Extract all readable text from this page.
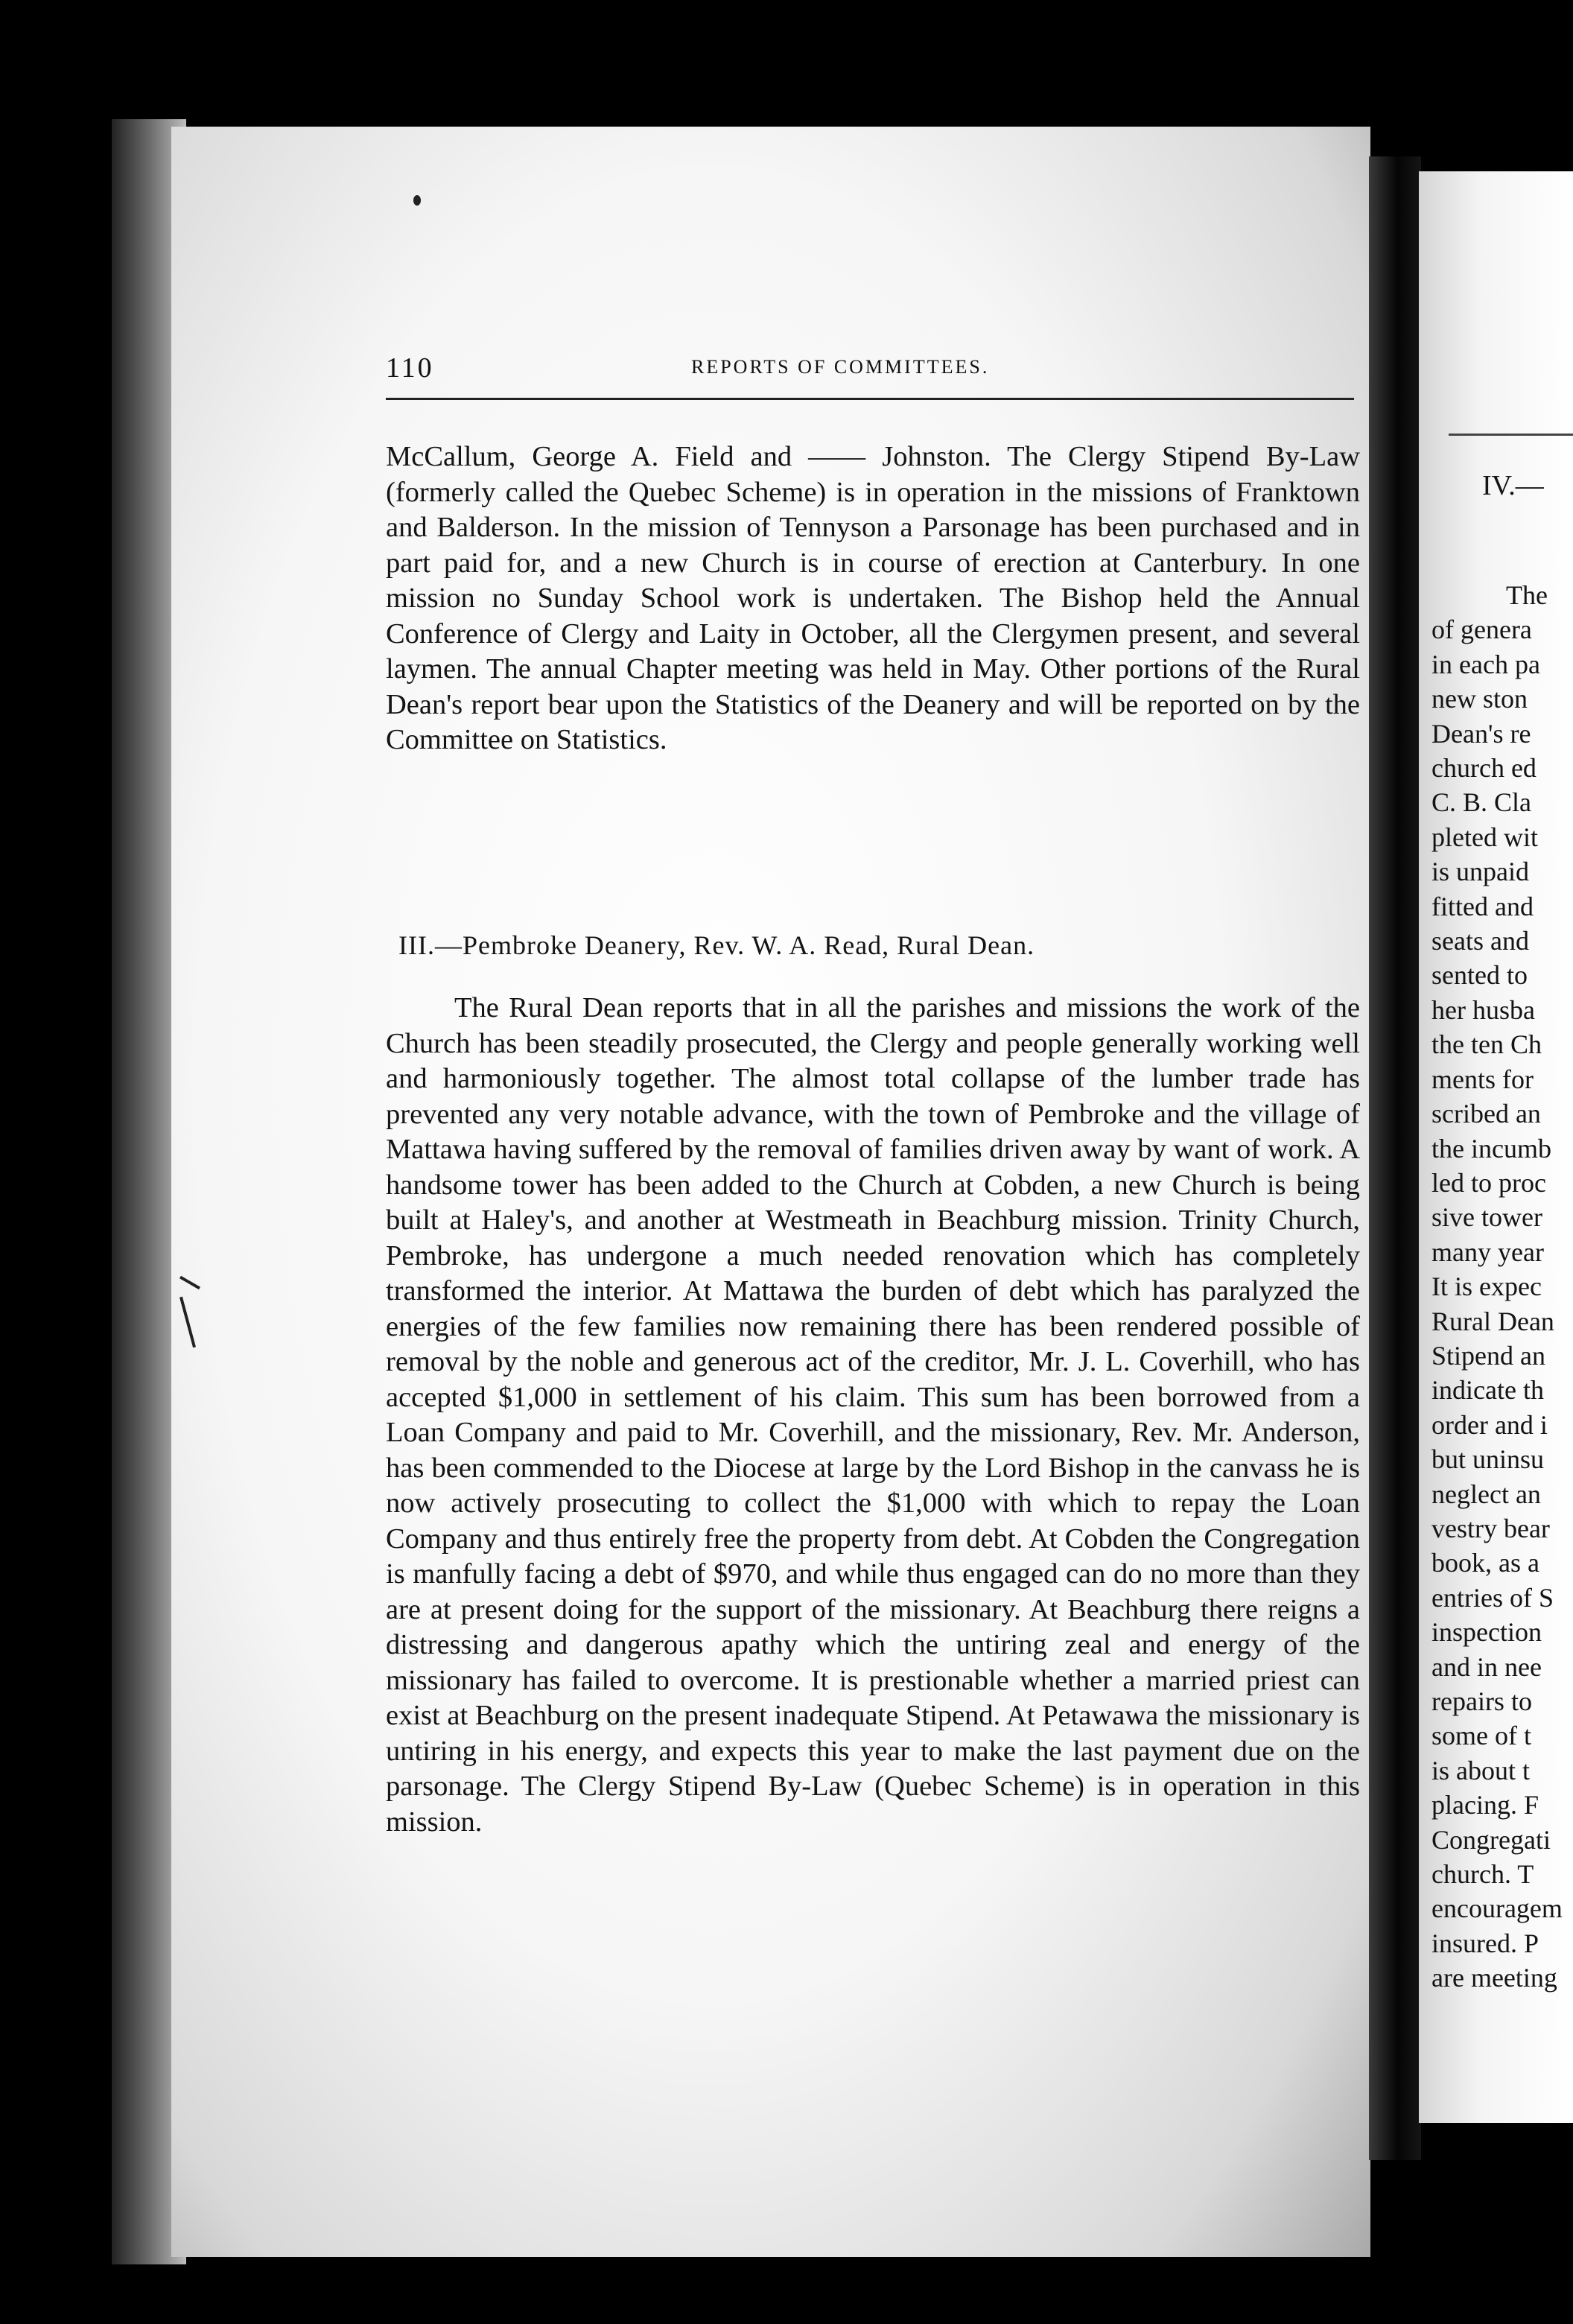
110	REPORTS OF COMMITTEES.

McCallum, George A. Field and —— Johnston. The Clergy Stipend By-Law (formerly called the Quebec Scheme) is in operation in the missions of Franktown and Balderson. In the mission of Tennyson a Parsonage has been purchased and in part paid for, and a new Church is in course of erection at Canterbury. In one mission no Sunday School work is undertaken. The Bishop held the Annual Conference of Clergy and Laity in October, all the Clergymen present, and several laymen. The annual Chapter meeting was held in May. Other portions of the Rural Dean's report bear upon the Statistics of the Deanery and will be reported on by the Committee on Statistics.

III.—Pembroke Deanery, Rev. W. A. Read, Rural Dean.

The Rural Dean reports that in all the parishes and missions the work of the Church has been steadily prosecuted, the Clergy and people generally working well and harmoniously together. The almost total collapse of the lumber trade has prevented any very notable advance, with the town of Pembroke and the village of Mattawa having suffered by the removal of families driven away by want of work. A handsome tower has been added to the Church at Cobden, a new Church is being built at Haley's, and another at Westmeath in Beachburg mission. Trinity Church, Pembroke, has undergone a much needed renovation which has completely transformed the interior. At Mattawa the burden of debt which has paralyzed the energies of the few families now remaining there has been rendered possible of removal by the noble and generous act of the creditor, Mr. J. L. Coverhill, who has accepted $1,000 in settlement of his claim. This sum has been borrowed from a Loan Company and paid to Mr. Coverhill, and the missionary, Rev. Mr. Anderson, has been commended to the Diocese at large by the Lord Bishop in the canvass he is now actively prosecuting to collect the $1,000 with which to repay the Loan Company and thus entirely free the property from debt. At Cobden the Congregation is manfully facing a debt of $970, and while thus engaged can do no more than they are at present doing for the support of the missionary. At Beachburg there reigns a distressing and dangerous apathy which the untiring zeal and energy of the missionary has failed to overcome. It is prestionable whether a married priest can exist at Beachburg on the present inadequate Stipend. At Petawawa the missionary is untiring in his energy, and expects this year to make the last payment due on the parsonage. The Clergy Stipend By-Law (Quebec Scheme) is in operation in this mission.

IV.—
The
of genera
in each pa
new ston
Dean's re
church ed
C. B. Cla
pleted wit
is unpaid
fitted and
seats and
sented to
her husba
the ten Ch
ments for
scribed an
the incumb
led to proc
sive tower
many year
It is expec
Rural Dean
Stipend an
indicate th
order and i
but uninsu
neglect an
vestry bear
book, as a
entries of S
inspection
and in nee
repairs to
some of t
is about t
placing. F
Congregati
church. T
encouragem
insured. P
are meeting
